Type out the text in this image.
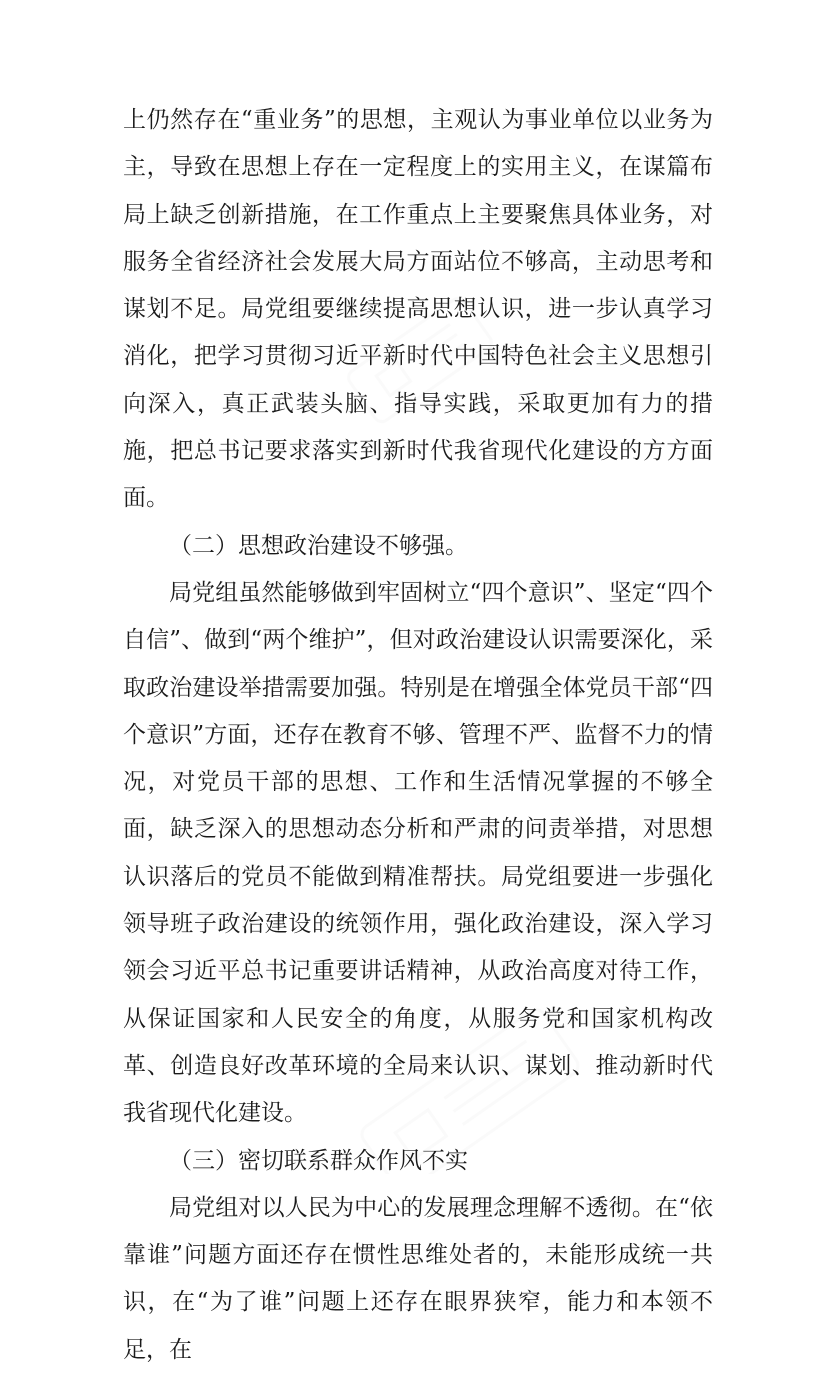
上仍然存在“重业务”的思想，主观认为事业单位以业务为主，导致在思想上存在一定程度上的实用主义，在谋篇布局上缺乏创新措施，在工作重点上主要聚焦具体业务，对服务全省经济社会发展大局方面站位不够高，主动思考和谋划不足。局党组要继续提高思想认识，进一步认真学习消化，把学习贯彻习近平新时代中国特色社会主义思想引向深入，真正武装头脑、指导实践，采取更加有力的措施，把总书记要求落实到新时代我省现代化建设的方方面面。

（二）思想政治建设不够强。

局党组虽然能够做到牢固树立“四个意识”、坚定“四个自信”、做到“两个维护”，但对政治建设认识需要深化，采取政治建设举措需要加强。特别是在增强全体党员干部“四个意识”方面，还存在教育不够、管理不严、监督不力的情况，对党员干部的思想、工作和生活情况掌握的不够全面，缺乏深入的思想动态分析和严肃的问责举措，对思想认识落后的党员不能做到精准帮扶。局党组要进一步强化领导班子政治建设的统领作用，强化政治建设，深入学习领会习近平总书记重要讲话精神，从政治高度对待工作，从保证国家和人民安全的角度，从服务党和国家机构改革、创造良好改革环境的全局来认识、谋划、推动新时代我省现代化建设。

（三）密切联系群众作风不实

局党组对以人民为中心的发展理念理解不透彻。在“依靠谁”问题方面还存在惯性思维处者的，未能形成统一共识，在“为了谁”问题上还存在眼界狭窄，能力和本领不足，在
